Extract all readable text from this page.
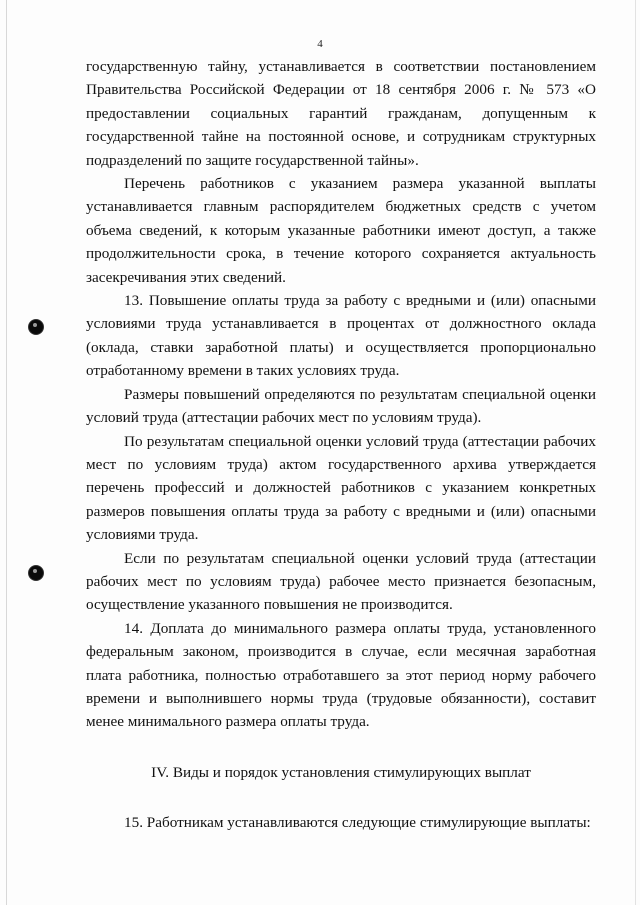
4

государственную тайну, устанавливается в соответствии постановлением Правительства Российской Федерации от 18 сентября 2006 г. № 573 «О предоставлении социальных гарантий гражданам, допущенным к государственной тайне на постоянной основе, и сотрудникам структурных подразделений по защите государственной тайны».

Перечень работников с указанием размера указанной выплаты устанавливается главным распорядителем бюджетных средств с учетом объема сведений, к которым указанные работники имеют доступ, а также продолжительности срока, в течение которого сохраняется актуальность засекречивания этих сведений.

13. Повышение оплаты труда за работу с вредными и (или) опасными условиями труда устанавливается в процентах от должностного оклада (оклада, ставки заработной платы) и осуществляется пропорционально отработанному времени в таких условиях труда.

Размеры повышений определяются по результатам специальной оценки условий труда (аттестации рабочих мест по условиям труда).

По результатам специальной оценки условий труда (аттестации рабочих мест по условиям труда) актом государственного архива утверждается перечень профессий и должностей работников с указанием конкретных размеров повышения оплаты труда за работу с вредными и (или) опасными условиями труда.

Если по результатам специальной оценки условий труда (аттестации рабочих мест по условиям труда) рабочее место признается безопасным, осуществление указанного повышения не производится.

14. Доплата до минимального размера оплаты труда, установленного федеральным законом, производится в случае, если месячная заработная плата работника, полностью отработавшего за этот период норму рабочего времени и выполнившего нормы труда (трудовые обязанности), составит менее минимального размера оплаты труда.

IV. Виды и порядок установления стимулирующих выплат

15. Работникам устанавливаются следующие стимулирующие выплаты:
